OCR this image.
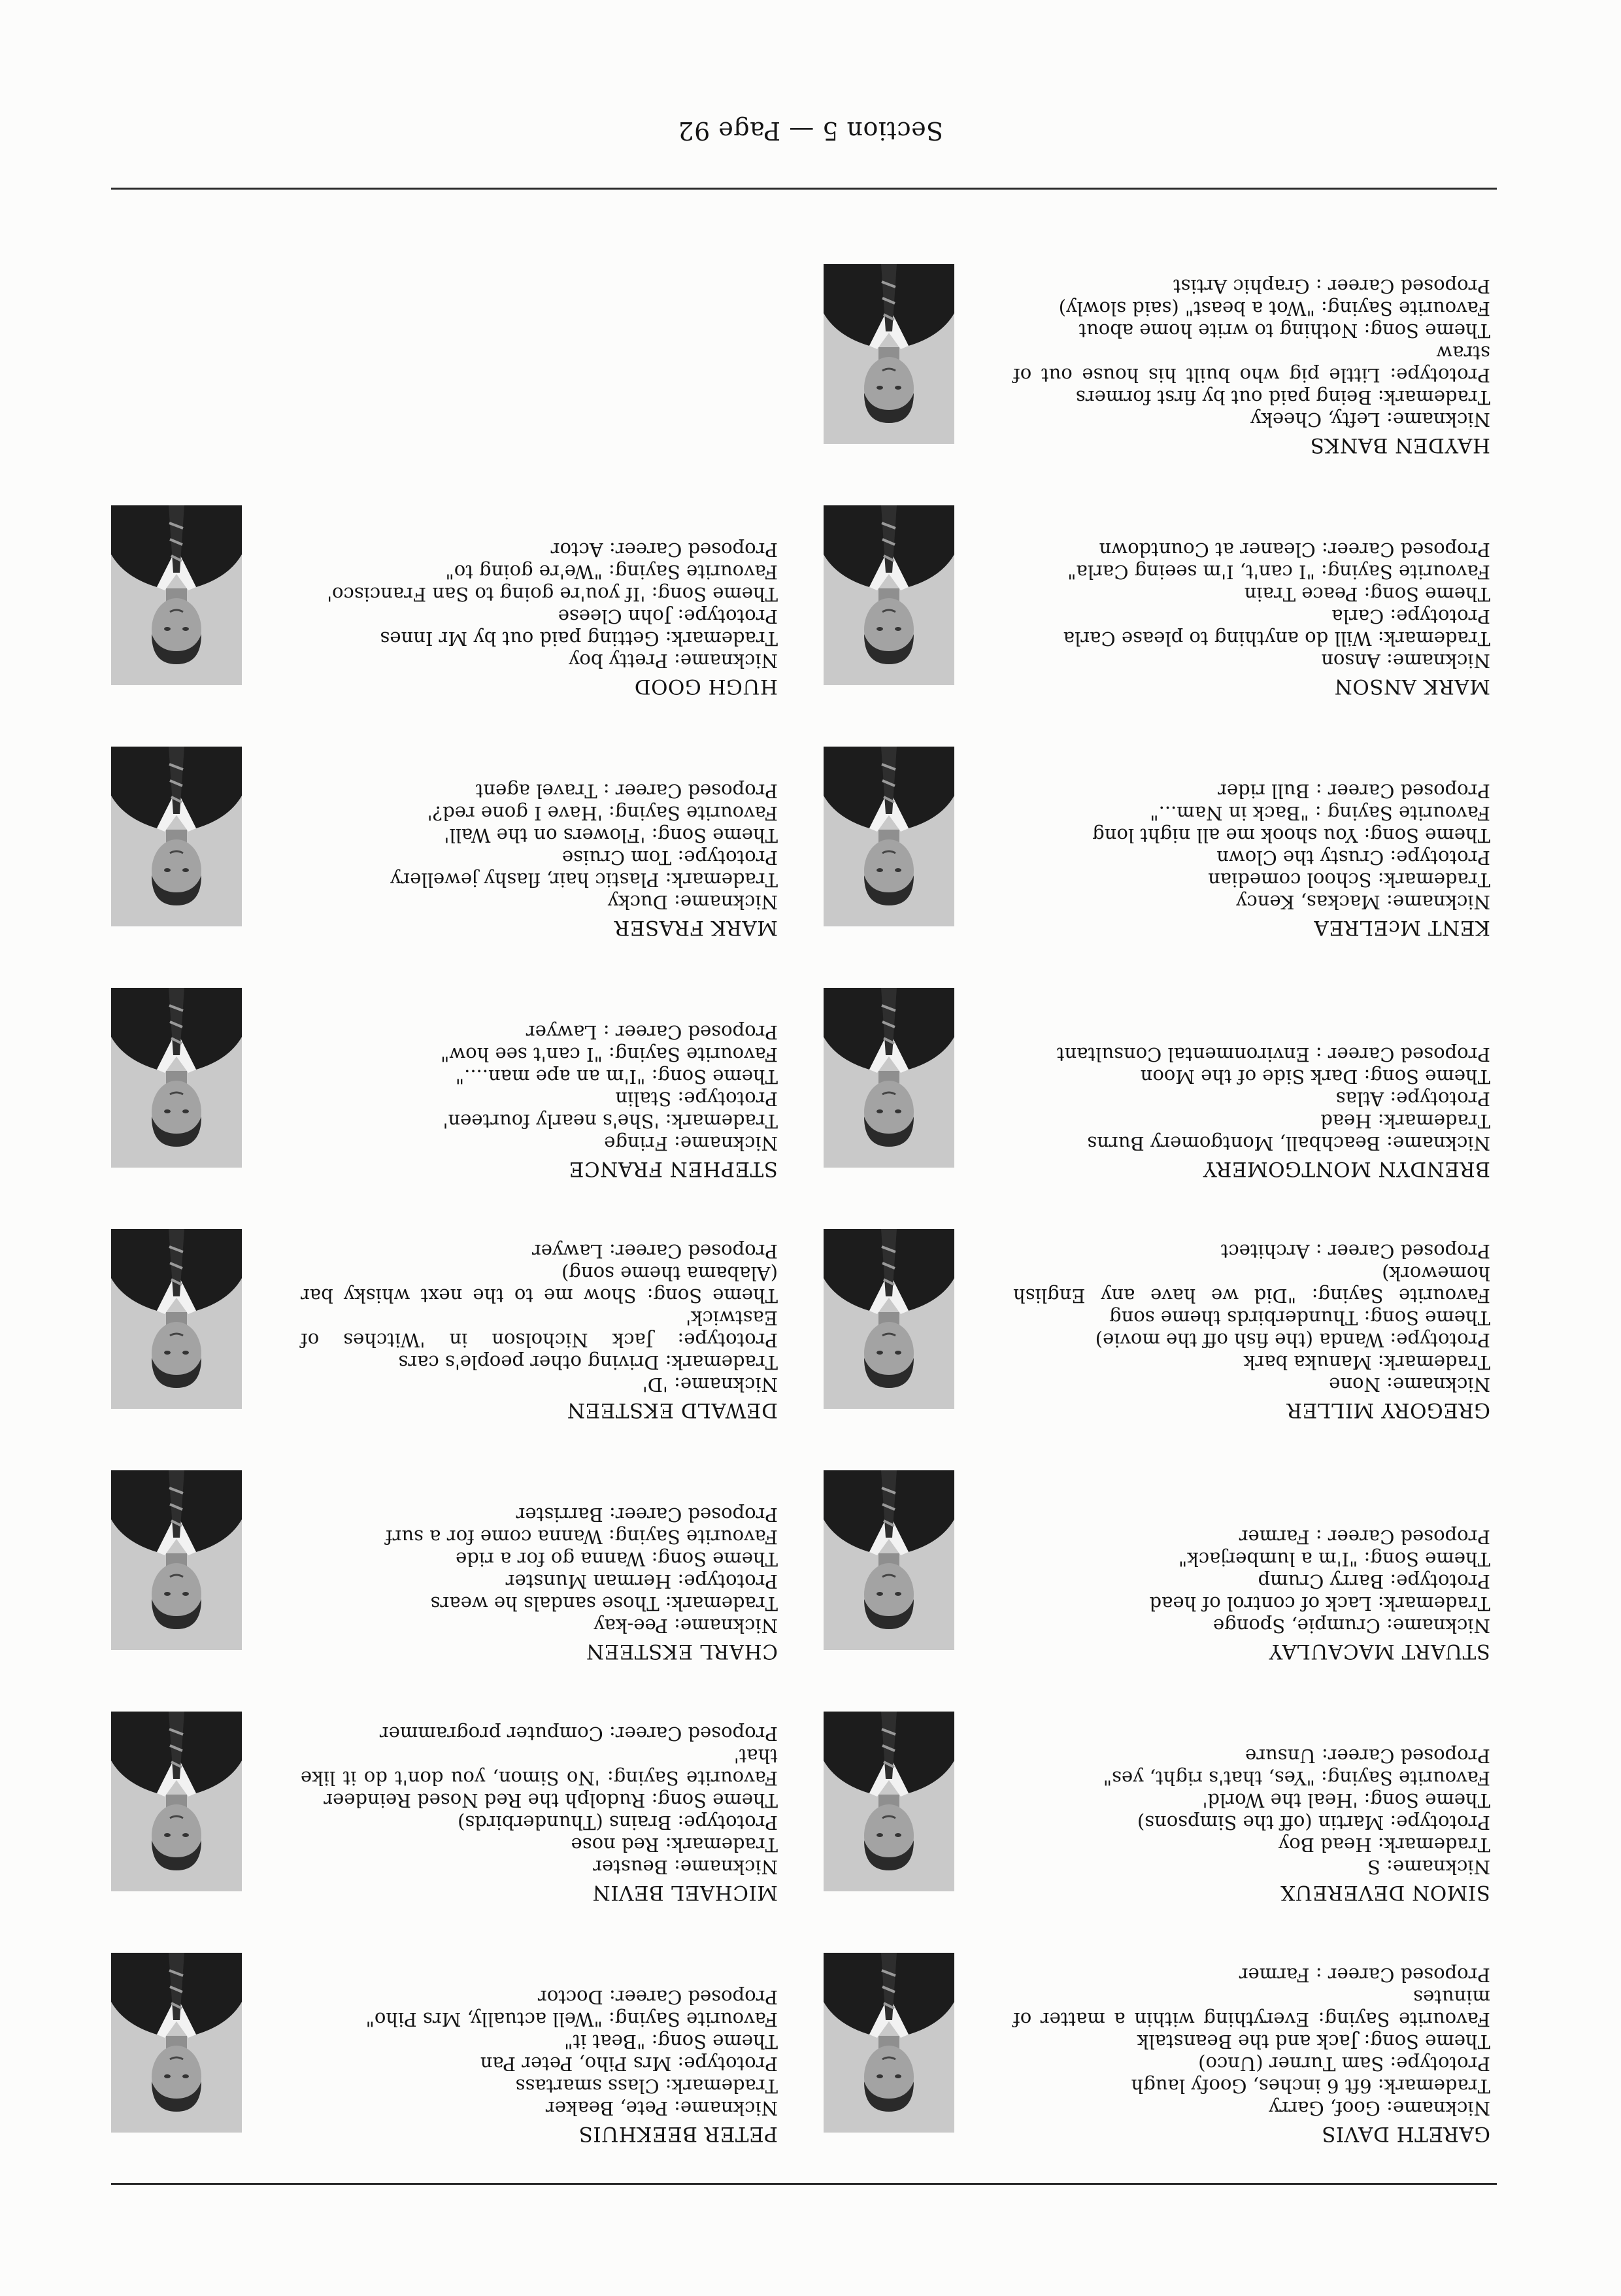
GARETH DAVIS
Nickname: Goof, Garry
Trademark: 6ft 6 inches, Goofy laugh
Prototype: Sam Turner (Unco)
Theme Song: Jack and the Beanstalk
Favourite Saying: Everything within a matter of minutes
Proposed Career : Farmer
SIMON DEVEREUX
Nickname: S
Trademark: Head Boy
Prototype: Martin (off the Simpsons)
Theme Song: 'Heal the World'
Favourite Saying: "Yes, that's right, yes"
Proposed Career: Unsure
STUART MACAULAY
Nickname: Crumpie, Sponge
Trademark: Lack of control of head
Prototype: Barry Crump
Theme Song: "I'm a lumberjack"
Proposed Career : Farmer
GREGORY MILLER
Nickname: None
Trademark: Manuka bark
Prototype: Wanda (the fish off the movie)
Theme Song: Thunderbirds theme song
Favourite Saying: "Did we have any English homework)
Proposed Career : Architect
BRENDYN MONTGOMERY
Nickname: Beachball, Montgomery Burns
Trademark: Head
Prototype: Atlas
Theme Song: Dark Side of the Moon
Proposed Career : Environmental Consultant
KENT McELREA
Nickname: Mackas, Kency
Trademark: School comedian
Prototype: Crusty the Clown
Theme Song: You shook me all night long
Favourite Saying : "Back in Nam..."
Proposed Career : Bull rider
MARK ANSON
Nickname: Anson
Trademark: Will do anything to please Carla
Prototype: Carla
Theme Song: Peace Train
Favourite Saying: "I can't, I'm seeing Carla"
Proposed Career: Cleaner at Countdown
HAYDEN BANKS
Nickname: Lefty, Cheeky
Trademark: Being paid out by first formers
Prototype: Little pig who built his house out of straw
Theme Song: Nothing to write home about
Favourite Saying: "Wot a beast" (said slowly)
Proposed Career : Graphic Artist
PETER BEEKHUIS
Nickname: Pete, Beaker
Trademark: Class smartass
Prototype: Mrs Piho, Peter Pan
Theme Song: "Beat it"
Favourite Saying: "Well actually, Mrs Piho"
Proposed Career: Doctor
MICHAEL BEVIN
Nickname: Beuster
Trademark: Red nose
Prototype: Brains (Thunderbirds)
Theme Song: Rudolph the Red Nosed Reindeer
Favourite Saying: 'No Simon, you don't do it like that'
Proposed Career: Computer programmer
CHARL EKSTEEN
Nickname: Pee-kay
Trademark: Those sandals he wears
Prototype: Herman Munster
Theme Song: Wanna go for a ride
Favourite Saying: Wanna come for a surf
Proposed Career: Barrister
DEWALD EKSTEEN
Nickname: 'D'
Trademark: Driving other people's cars
Prototype: Jack Nicholson in 'Witches of Eastwick'
Theme Song: Show me to the next whisky bar (Alabama theme song)
Proposed Career: Lawyer
STEPHEN FRANCE
Nickname: Fringe
Trademark: 'She's nearly fourteen'
Prototype: Stalin
Theme Song: "I'm an ape man...."
Favourite Saying: "I can't see how"
Proposed Career : Lawyer
MARK FRASER
Nickname: Ducky
Trademark: Plastic hair, flashy jewellery
Prototype: Tom Cruise
Theme Song: 'Flowers on the Wall'
Favourite Saying: 'Have I gone red?'
Proposed Career : Travel agent
HUGH GOOD
Nickname: Pretty boy
Trademark: Getting paid out by Mr Innes
Prototype: John Cleese
Theme Song: 'If you're going to San Francisco'
Favourite Saying: "We're going to"
Proposed Career: Actor
Section 5 — Page 92
